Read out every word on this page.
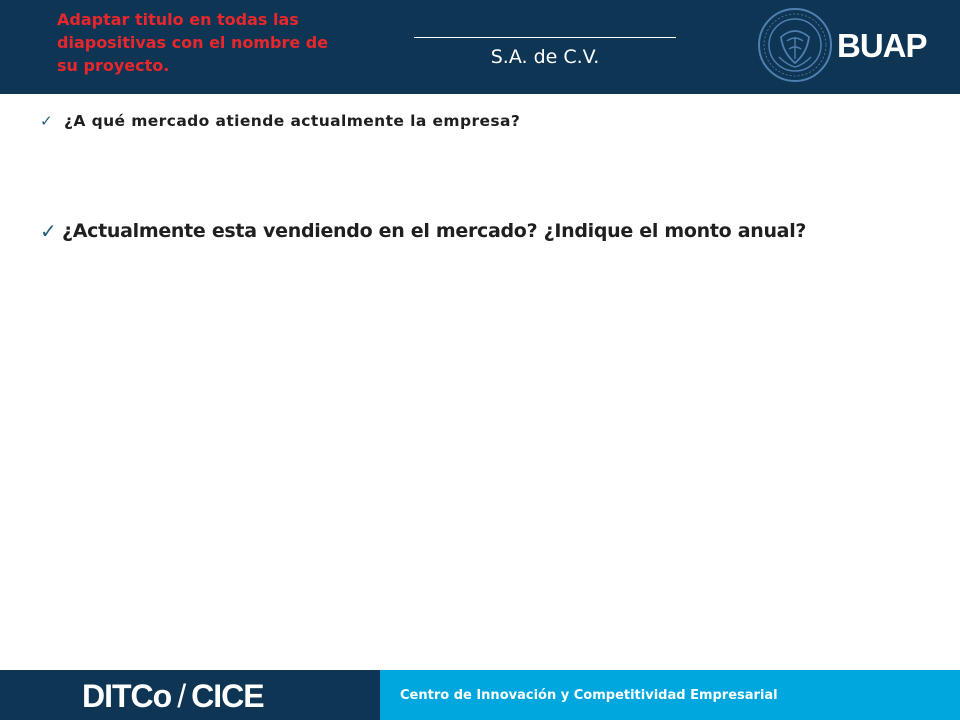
Adaptar titulo en todas las diapositivas con el nombre de su proyecto.	S.A. de C.V.	BUAP
✓ ¿A qué mercado atiende actualmente la empresa?
✓ ¿Actualmente esta vendiendo en el mercado? ¿Indique el monto anual?
DITCo / CICE	Centro de Innovación y Competitividad Empresarial
